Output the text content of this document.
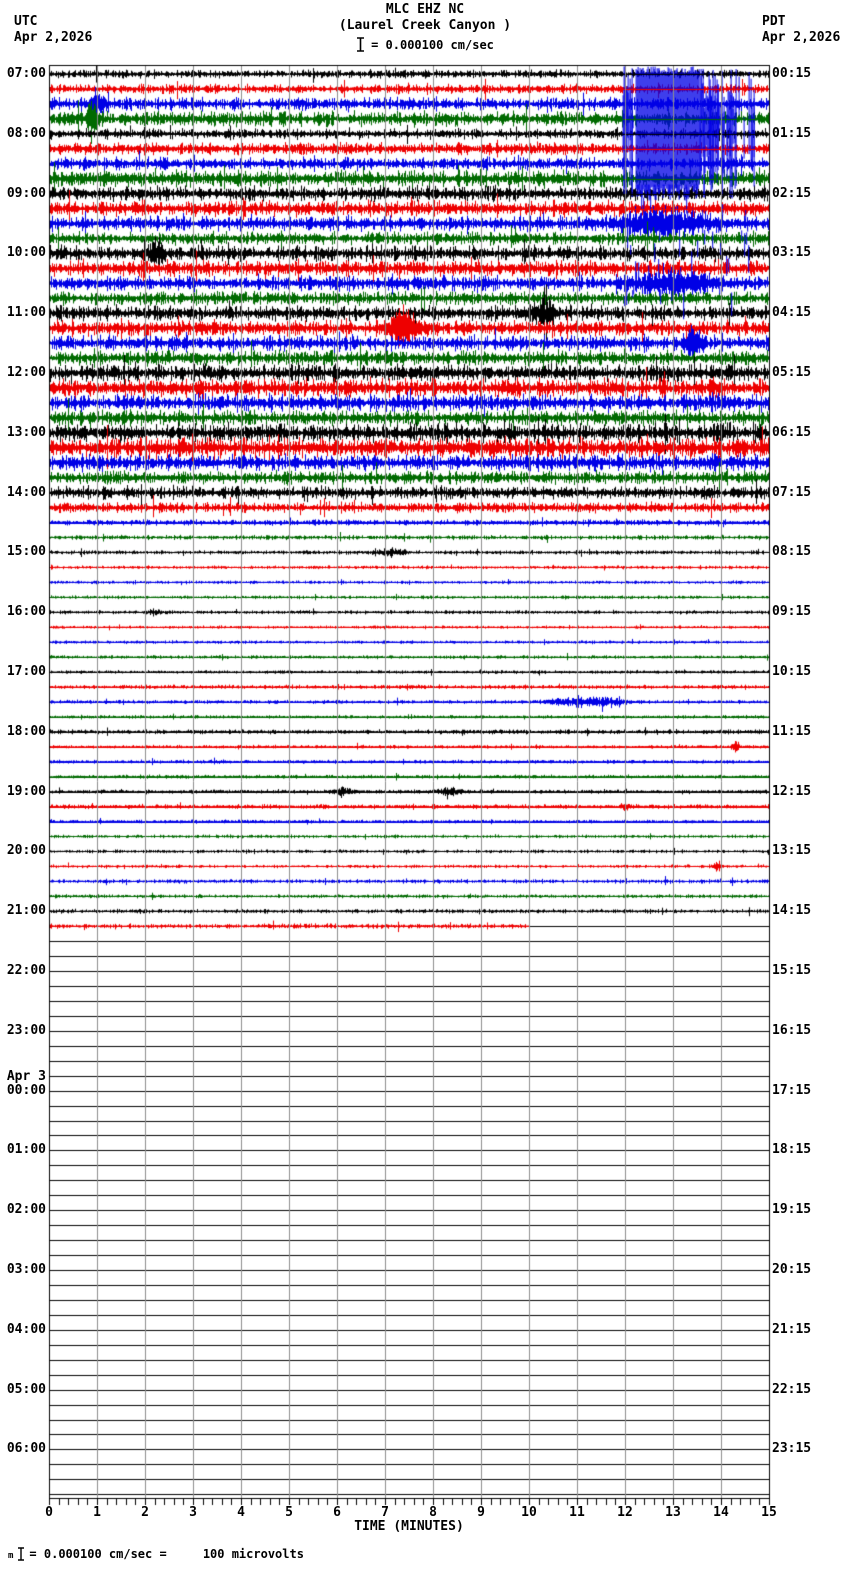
MLC EHZ NC
(Laurel Creek Canyon )
= 0.000100 cm/sec
UTC
Apr 2,2026
PDT
Apr 2,2026
07:00
08:00
09:00
10:00
11:00
12:00
13:00
14:00
15:00
16:00
17:00
18:00
19:00
20:00
21:00
22:00
23:00
Apr 3
00:00
01:00
02:00
03:00
04:00
05:00
06:00
00:15
01:15
02:15
03:15
04:15
05:15
06:15
07:15
08:15
09:15
10:15
11:15
12:15
13:15
14:15
15:15
16:15
17:15
18:15
19:15
20:15
21:15
22:15
23:15
0	1	2	3	4	5	6	7	8	9	10	11	12	13	14	15
TIME (MINUTES)
m = 0.000100 cm/sec =     100 microvolts
